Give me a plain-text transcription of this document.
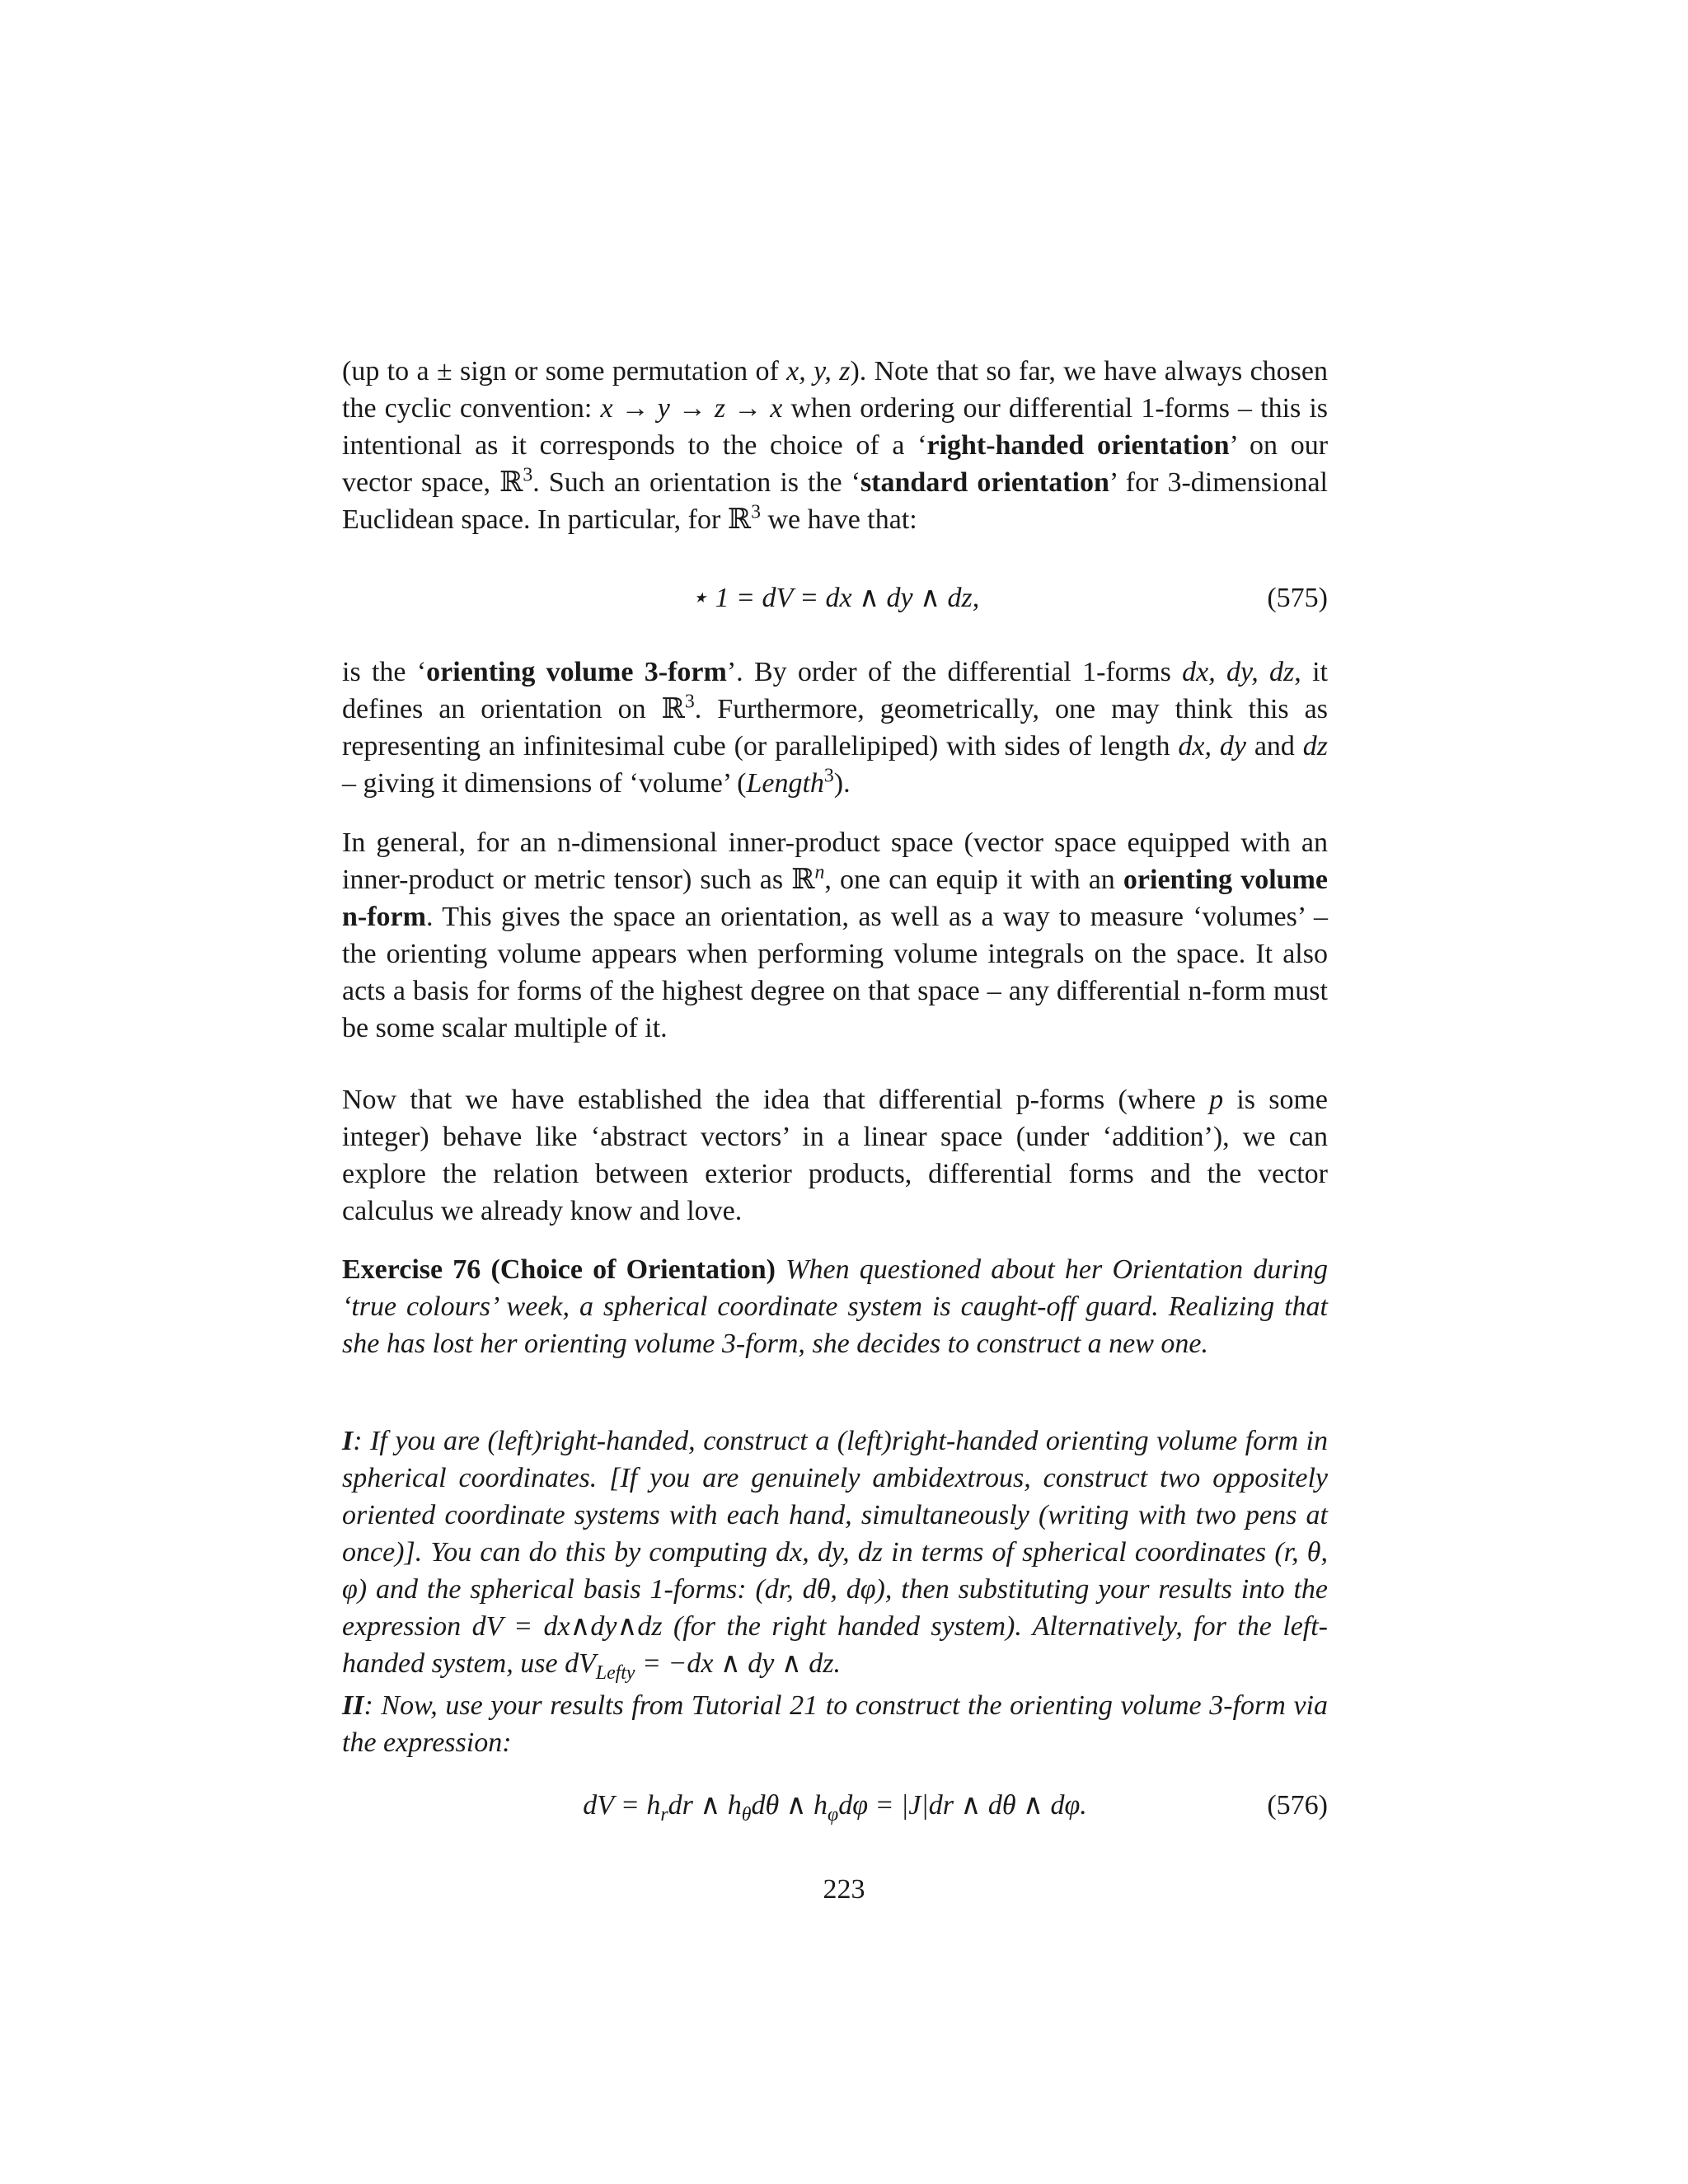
(up to a ± sign or some permutation of x, y, z). Note that so far, we have always chosen the cyclic convention: x → y → z → x when ordering our differential 1-forms – this is intentional as it corresponds to the choice of a ‘right-handed orientation’ on our vector space, ℝ$^3$. Such an orientation is the ‘standard orientation’ for 3-dimensional Euclidean space. In particular, for ℝ$^3$ we have that:

⋆ 1 = dV = dx ∧ dy ∧ dz,	(575)

is the ‘orienting volume 3-form’. By order of the differential 1-forms dx, dy, dz, it defines an orientation on ℝ$^3$. Furthermore, geometrically, one may think this as representing an infinitesimal cube (or parallelipiped) with sides of length dx, dy and dz – giving it dimensions of ‘volume’ (Length$^3$).

In general, for an n-dimensional inner-product space (vector space equipped with an inner-product or metric tensor) such as ℝ$^n$, one can equip it with an orienting volume n-form. This gives the space an orientation, as well as a way to measure ‘volumes’ – the orienting volume appears when performing volume integrals on the space. It also acts a basis for forms of the highest degree on that space – any differential n-form must be some scalar multiple of it.

Now that we have established the idea that differential p-forms (where p is some integer) behave like ‘abstract vectors’ in a linear space (under ‘addition’), we can explore the relation between exterior products, differential forms and the vector calculus we already know and love.

Exercise 76 (Choice of Orientation) When questioned about her Orientation during ‘true colours’ week, a spherical coordinate system is caught-off guard. Realizing that she has lost her orienting volume 3-form, she decides to construct a new one.

I: If you are (left)right-handed, construct a (left)right-handed orienting volume form in spherical coordinates. [If you are genuinely ambidextrous, construct two oppositely oriented coordinate systems with each hand, simultaneously (writing with two pens at once)]. You can do this by computing dx, dy, dz in terms of spherical coordinates (r, θ, φ) and the spherical basis 1-forms: (dr, dθ, dφ), then substituting your results into the expression dV = dx∧dy∧dz (for the right handed system). Alternatively, for the left-handed system, use $dV_{Lefty} = -dx$ ∧ dy ∧ dz.

II: Now, use your results from Tutorial 21 to construct the orienting volume 3-form via the expression:

dV = $h_rdr$ ∧ $h_\theta d\theta$ ∧ $h_\varphi d\varphi = |J|dr$ ∧ dθ ∧ dφ.	(576)
223
